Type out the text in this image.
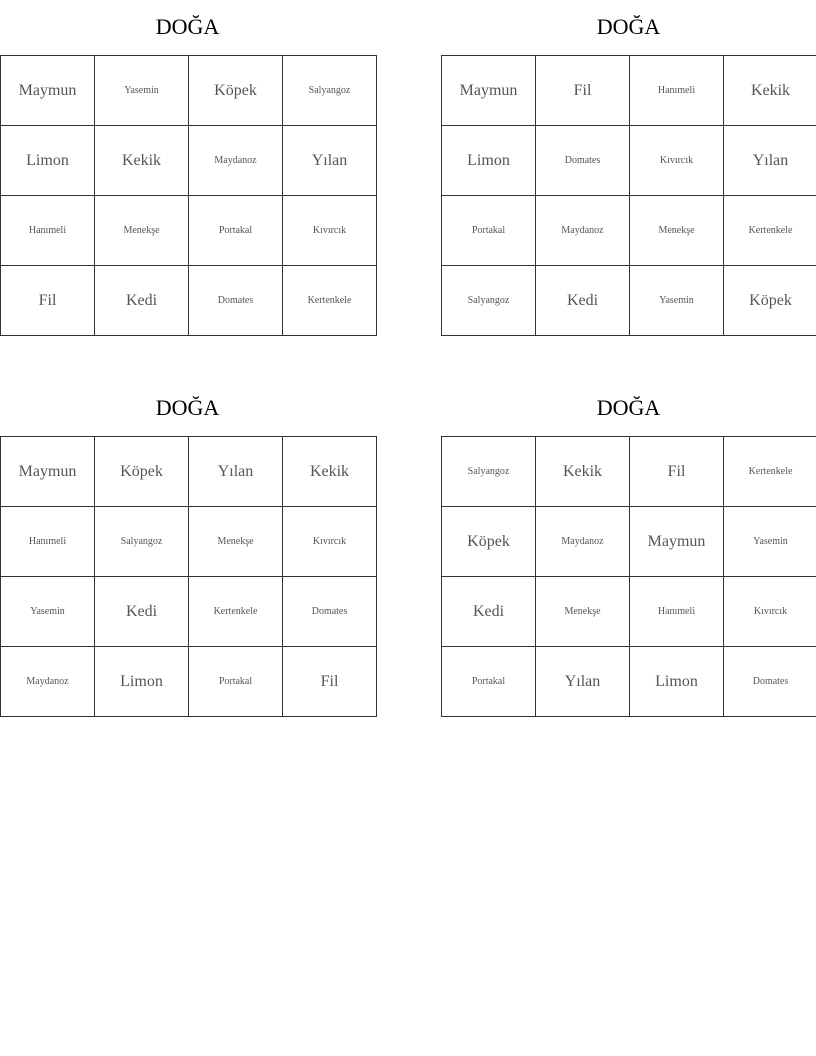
DOĞA
Maymun	Yasemin	Köpek	Salyangoz
Limon	Kekik	Maydanoz	Yılan
Hanımeli	Menekşe	Portakal	Kıvırcık
Fil	Kedi	Domates	Kertenkele
DOĞA
Maymun	Fil	Hanımeli	Kekik
Limon	Domates	Kıvırcık	Yılan
Portakal	Maydanoz	Menekşe	Kertenkele
Salyangoz	Kedi	Yasemin	Köpek
DOĞA
Maymun	Köpek	Yılan	Kekik
Hanımeli	Salyangoz	Menekşe	Kıvırcık
Yasemin	Kedi	Kertenkele	Domates
Maydanoz	Limon	Portakal	Fil
DOĞA
Salyangoz	Kekik	Fil	Kertenkele
Köpek	Maydanoz	Maymun	Yasemin
Kedi	Menekşe	Hanımeli	Kıvırcık
Portakal	Yılan	Limon	Domates
